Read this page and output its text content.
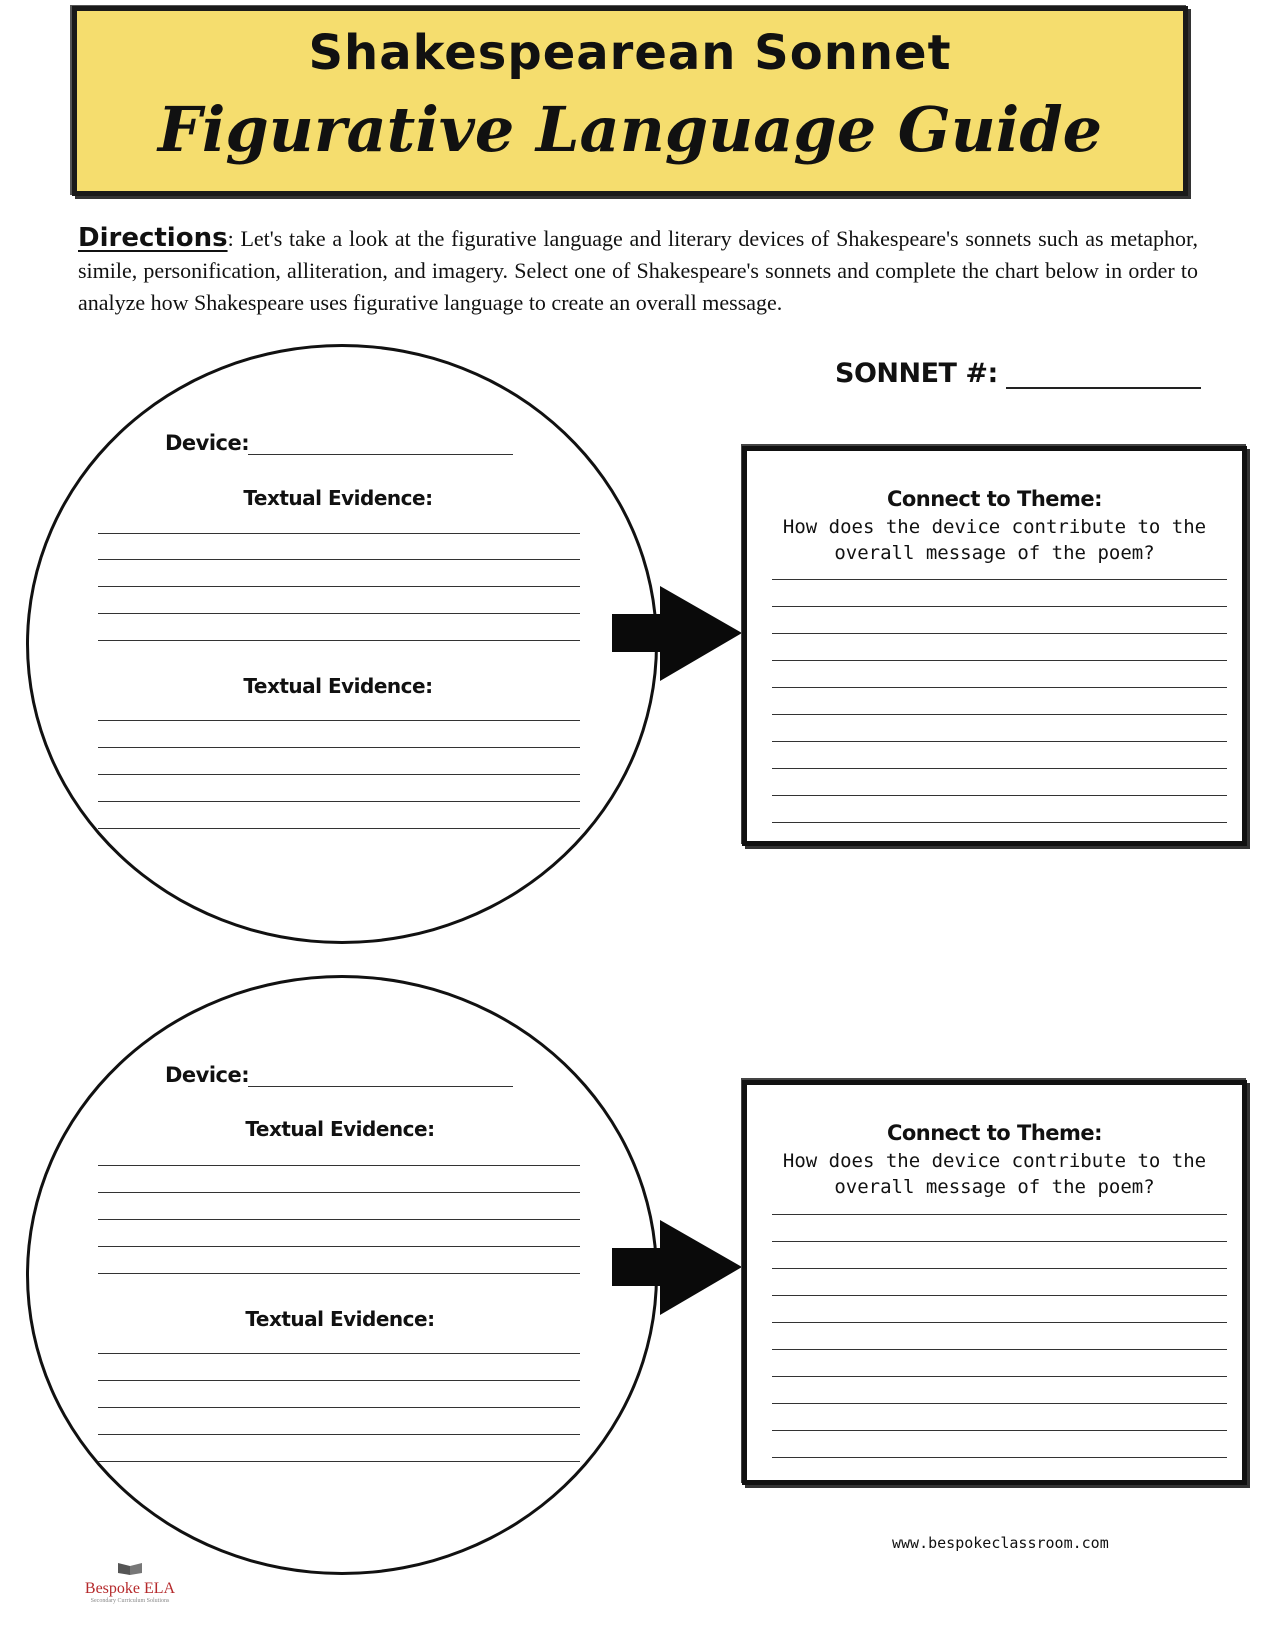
Shakespearean Sonnet
Figurative Language Guide
Directions: Let's take a look at the figurative language and literary devices of Shakespeare's sonnets such as metaphor, simile, personification, alliteration, and imagery. Select one of Shakespeare's sonnets and complete the chart below in order to analyze how Shakespeare uses figurative language to create an overall message.
SONNET #:
Device:
Textual Evidence:
Textual Evidence:
Connect to Theme:
How does the device contribute to the overall message of the poem?
Device:
Textual Evidence:
Textual Evidence:
Connect to Theme:
How does the device contribute to the overall message of the poem?
www.bespokeclassroom.com
Bespoke ELA
Secondary Curriculum Solutions
